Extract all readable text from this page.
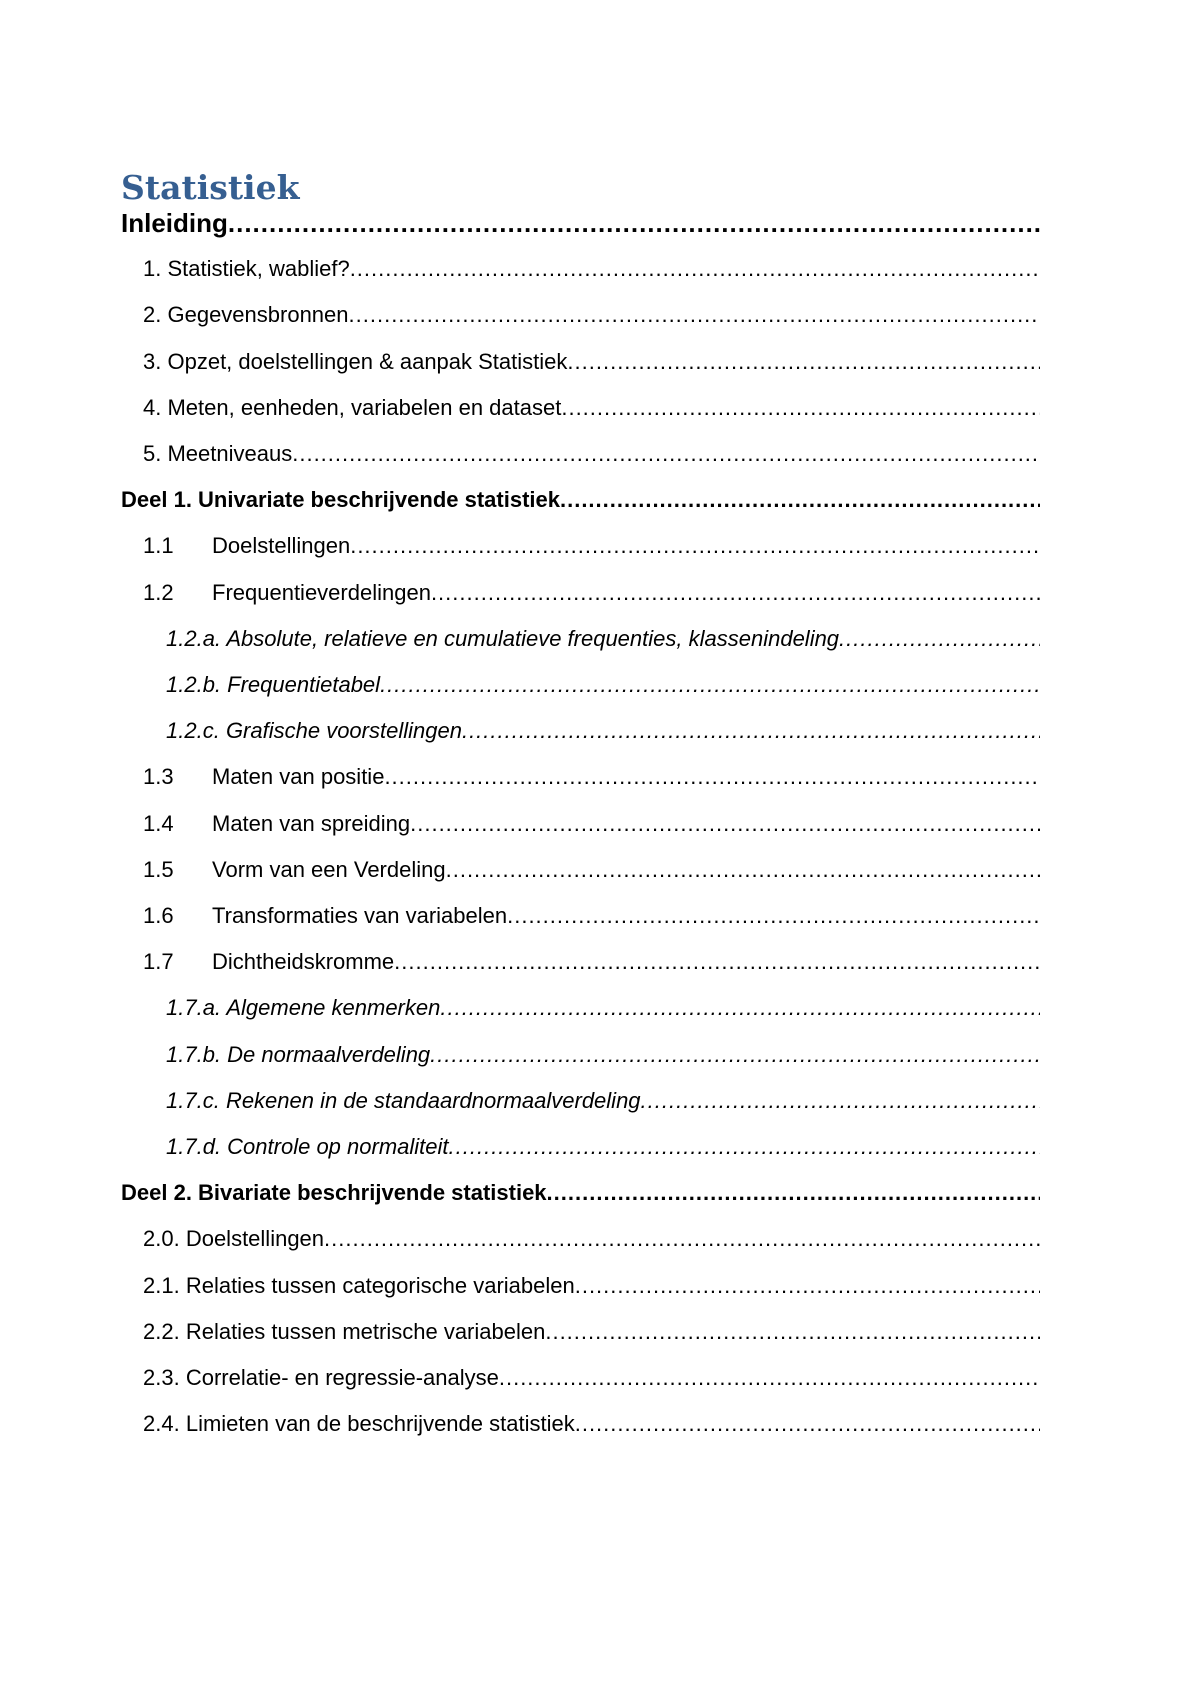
Statistiek
Inleiding
.....
1. Statistiek, wablief?
.....
2. Gegevensbronnen
.....
3. Opzet, doelstellingen & aanpak Statistiek
.....
4. Meten, eenheden, variabelen en dataset
.....
5. Meetniveaus
.....
Deel 1. Univariate beschrijvende statistiek
.....
1.1 Doelstellingen
.....
1.2 Frequentieverdelingen
.....
1.2.a. Absolute, relatieve en cumulatieve frequenties, klassenindeling
.....
1.2.b. Frequentietabel
.....
1.2.c. Grafische voorstellingen
.....
1.3 Maten van positie
.....
1.4 Maten van spreiding
.....
1.5 Vorm van een Verdeling
.....
1.6 Transformaties van variabelen
.....
1.7 Dichtheidskromme
.....
1.7.a. Algemene kenmerken
.....
1.7.b. De normaalverdeling
.....
1.7.c. Rekenen in de standaardnormaalverdeling
.....
1.7.d. Controle op normaliteit
.....
Deel 2. Bivariate beschrijvende statistiek
.....
2.0. Doelstellingen
.....
2.1. Relaties tussen categorische variabelen
.....
2.2. Relaties tussen metrische variabelen
.....
2.3. Correlatie- en regressie-analyse
.....
2.4. Limieten van de beschrijvende statistiek
.....
